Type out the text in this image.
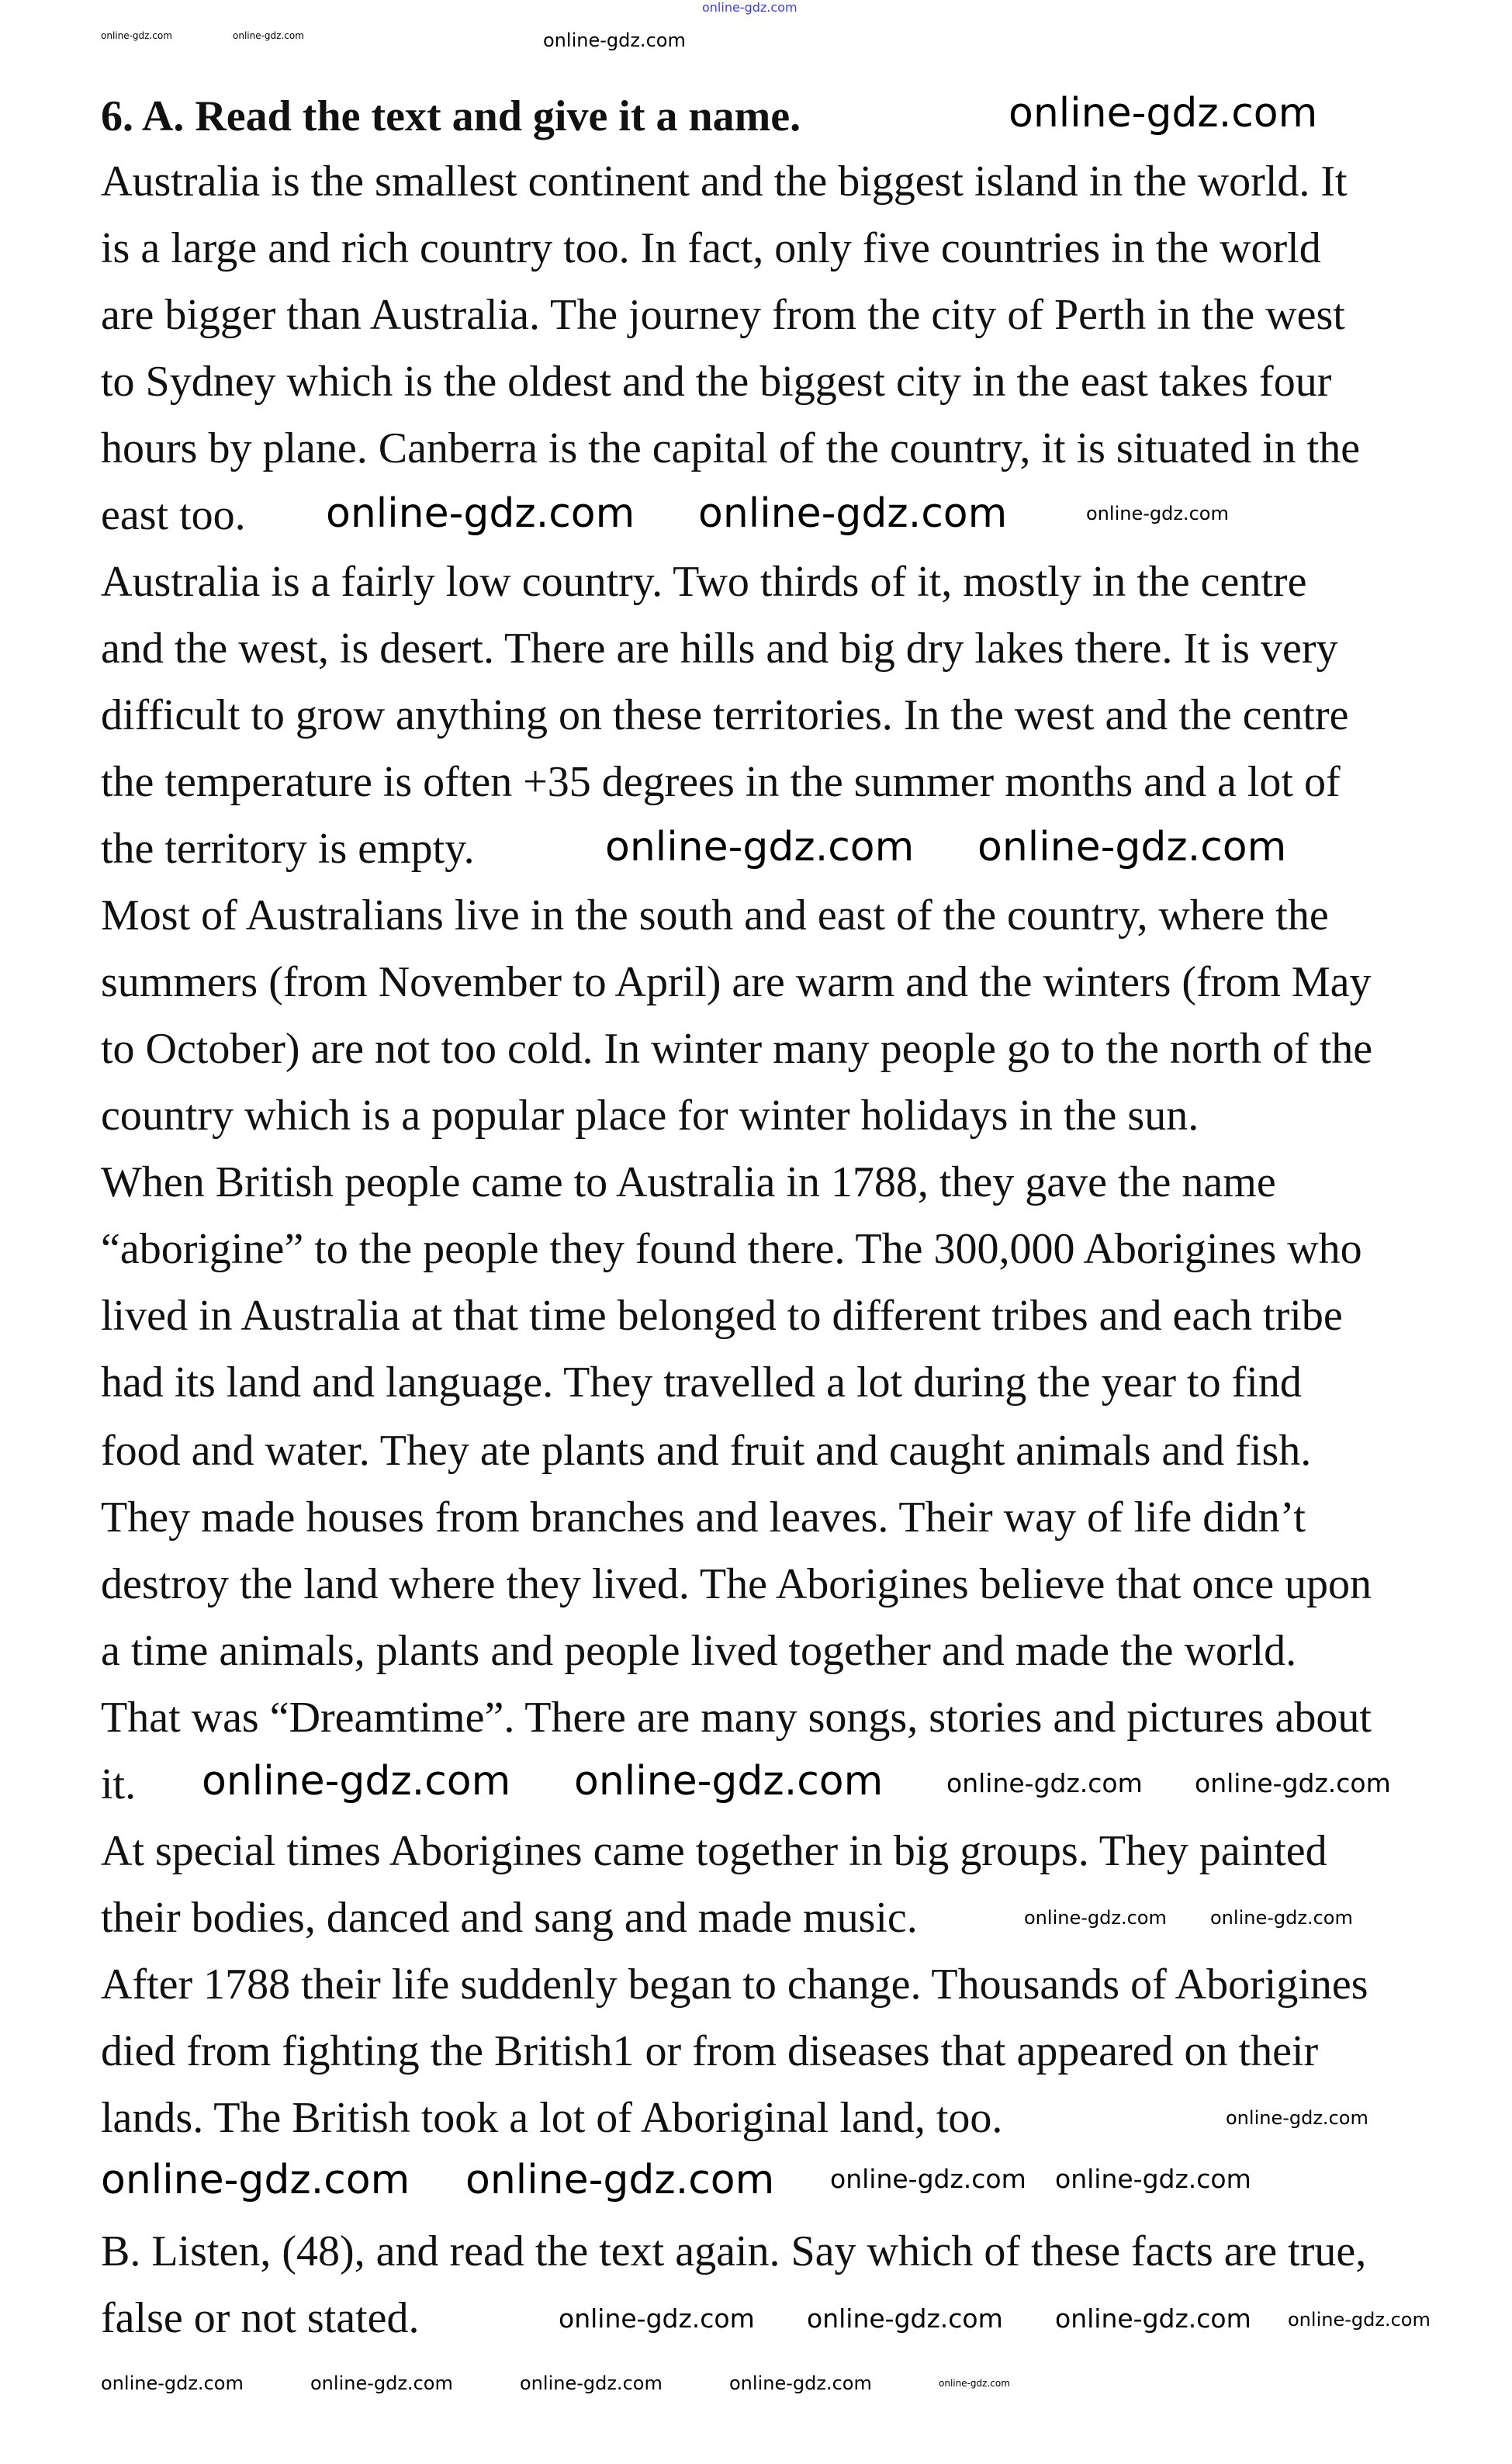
6. A. Read the text and give it a name.
Australia is the smallest continent and the biggest island in the world. It
is a large and rich country too. In fact, only five countries in the world
are bigger than Australia. The journey from the city of Perth in the west
to Sydney which is the oldest and the biggest city in the east takes four
hours by plane. Canberra is the capital of the country, it is situated in the
east too.
Australia is a fairly low country. Two thirds of it, mostly in the centre
and the west, is desert. There are hills and big dry lakes there. It is very
difficult to grow anything on these territories. In the west and the centre
the temperature is often +35 degrees in the summer months and a lot of
the territory is empty.
Most of Australians live in the south and east of the country, where the
summers (from November to April) are warm and the winters (from May
to October) are not too cold. In winter many people go to the north of the
country which is a popular place for winter holidays in the sun.
When British people came to Australia in 1788, they gave the name
“aborigine” to the people they found there. The 300,000 Aborigines who
lived in Australia at that time belonged to different tribes and each tribe
had its land and language. They travelled a lot during the year to find
food and water. They ate plants and fruit and caught animals and fish.
They made houses from branches and leaves. Their way of life didn’t
destroy the land where they lived. The Aborigines believe that once upon
a time animals, plants and people lived together and made the world.
That was “Dreamtime”. There are many songs, stories and pictures about
it.
At special times Aborigines came together in big groups. They painted
their bodies, danced and sang and made music.
After 1788 their life suddenly began to change. Thousands of Aborigines
died from fighting the British1 or from diseases that appeared on their
lands. The British took a lot of Aboriginal land, too.
B. Listen, (48), and read the text again. Say which of these facts are true,
false or not stated.
online-gdz.com
online-gdz.com	online-gdz.com
online-gdz.com
online-gdz.com
online-gdz.com online-gdz.com
online-gdz.com online-gdz.com
online-gdz.com online-gdz.com
online-gdz.com online-gdz.com
online-gdz.com online-gdz.com
online-gdz.com online-gdz.com
online-gdz.com online-gdz.com online-gdz.com
online-gdz.com
online-gdz.com online-gdz.com
online-gdz.com
online-gdz.com
online-gdz.com	online-gdz.com	online-gdz.com	online-gdz.com
online-gdz.com
